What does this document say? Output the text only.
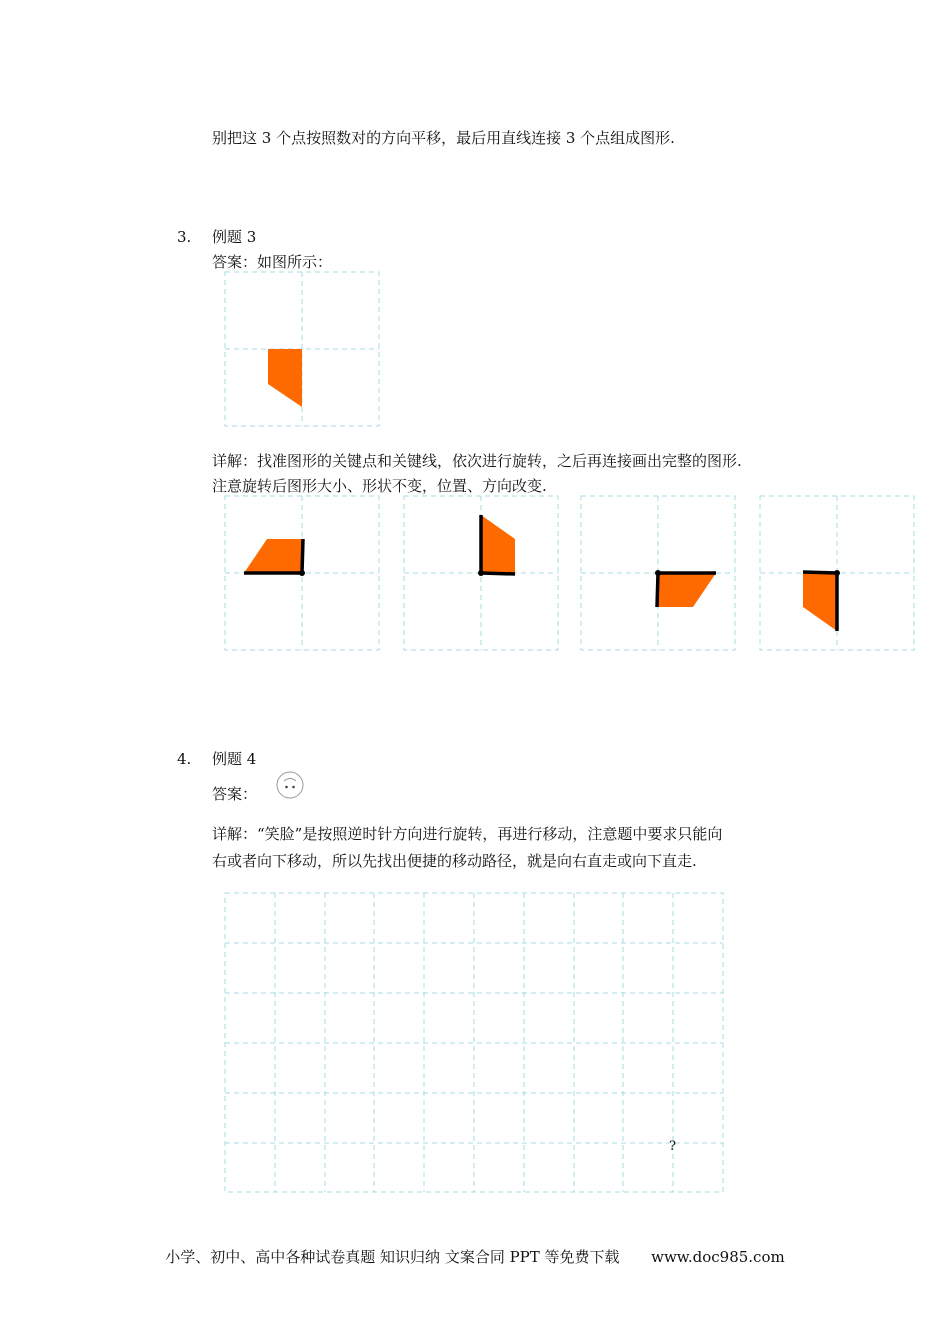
别把这 3 个点按照数对的方向平移，最后用直线连接 3 个点组成图形.
3. 例题 3
答案：如图所示：
详解：找准图形的关键点和关键线，依次进行旋转，之后再连接画出完整的图形.
注意旋转后图形大小、形状不变，位置、方向改变.
4. 例题 4
答案：
详解：“笑脸”是按照逆时针方向进行旋转，再进行移动，注意题中要求只能向
右或者向下移动，所以先找出便捷的移动路径，就是向右直走或向下直走.
?
小学、初中、高中各种试卷真题 知识归纳 文案合同 PPT 等免费下载 www.doc985.com
